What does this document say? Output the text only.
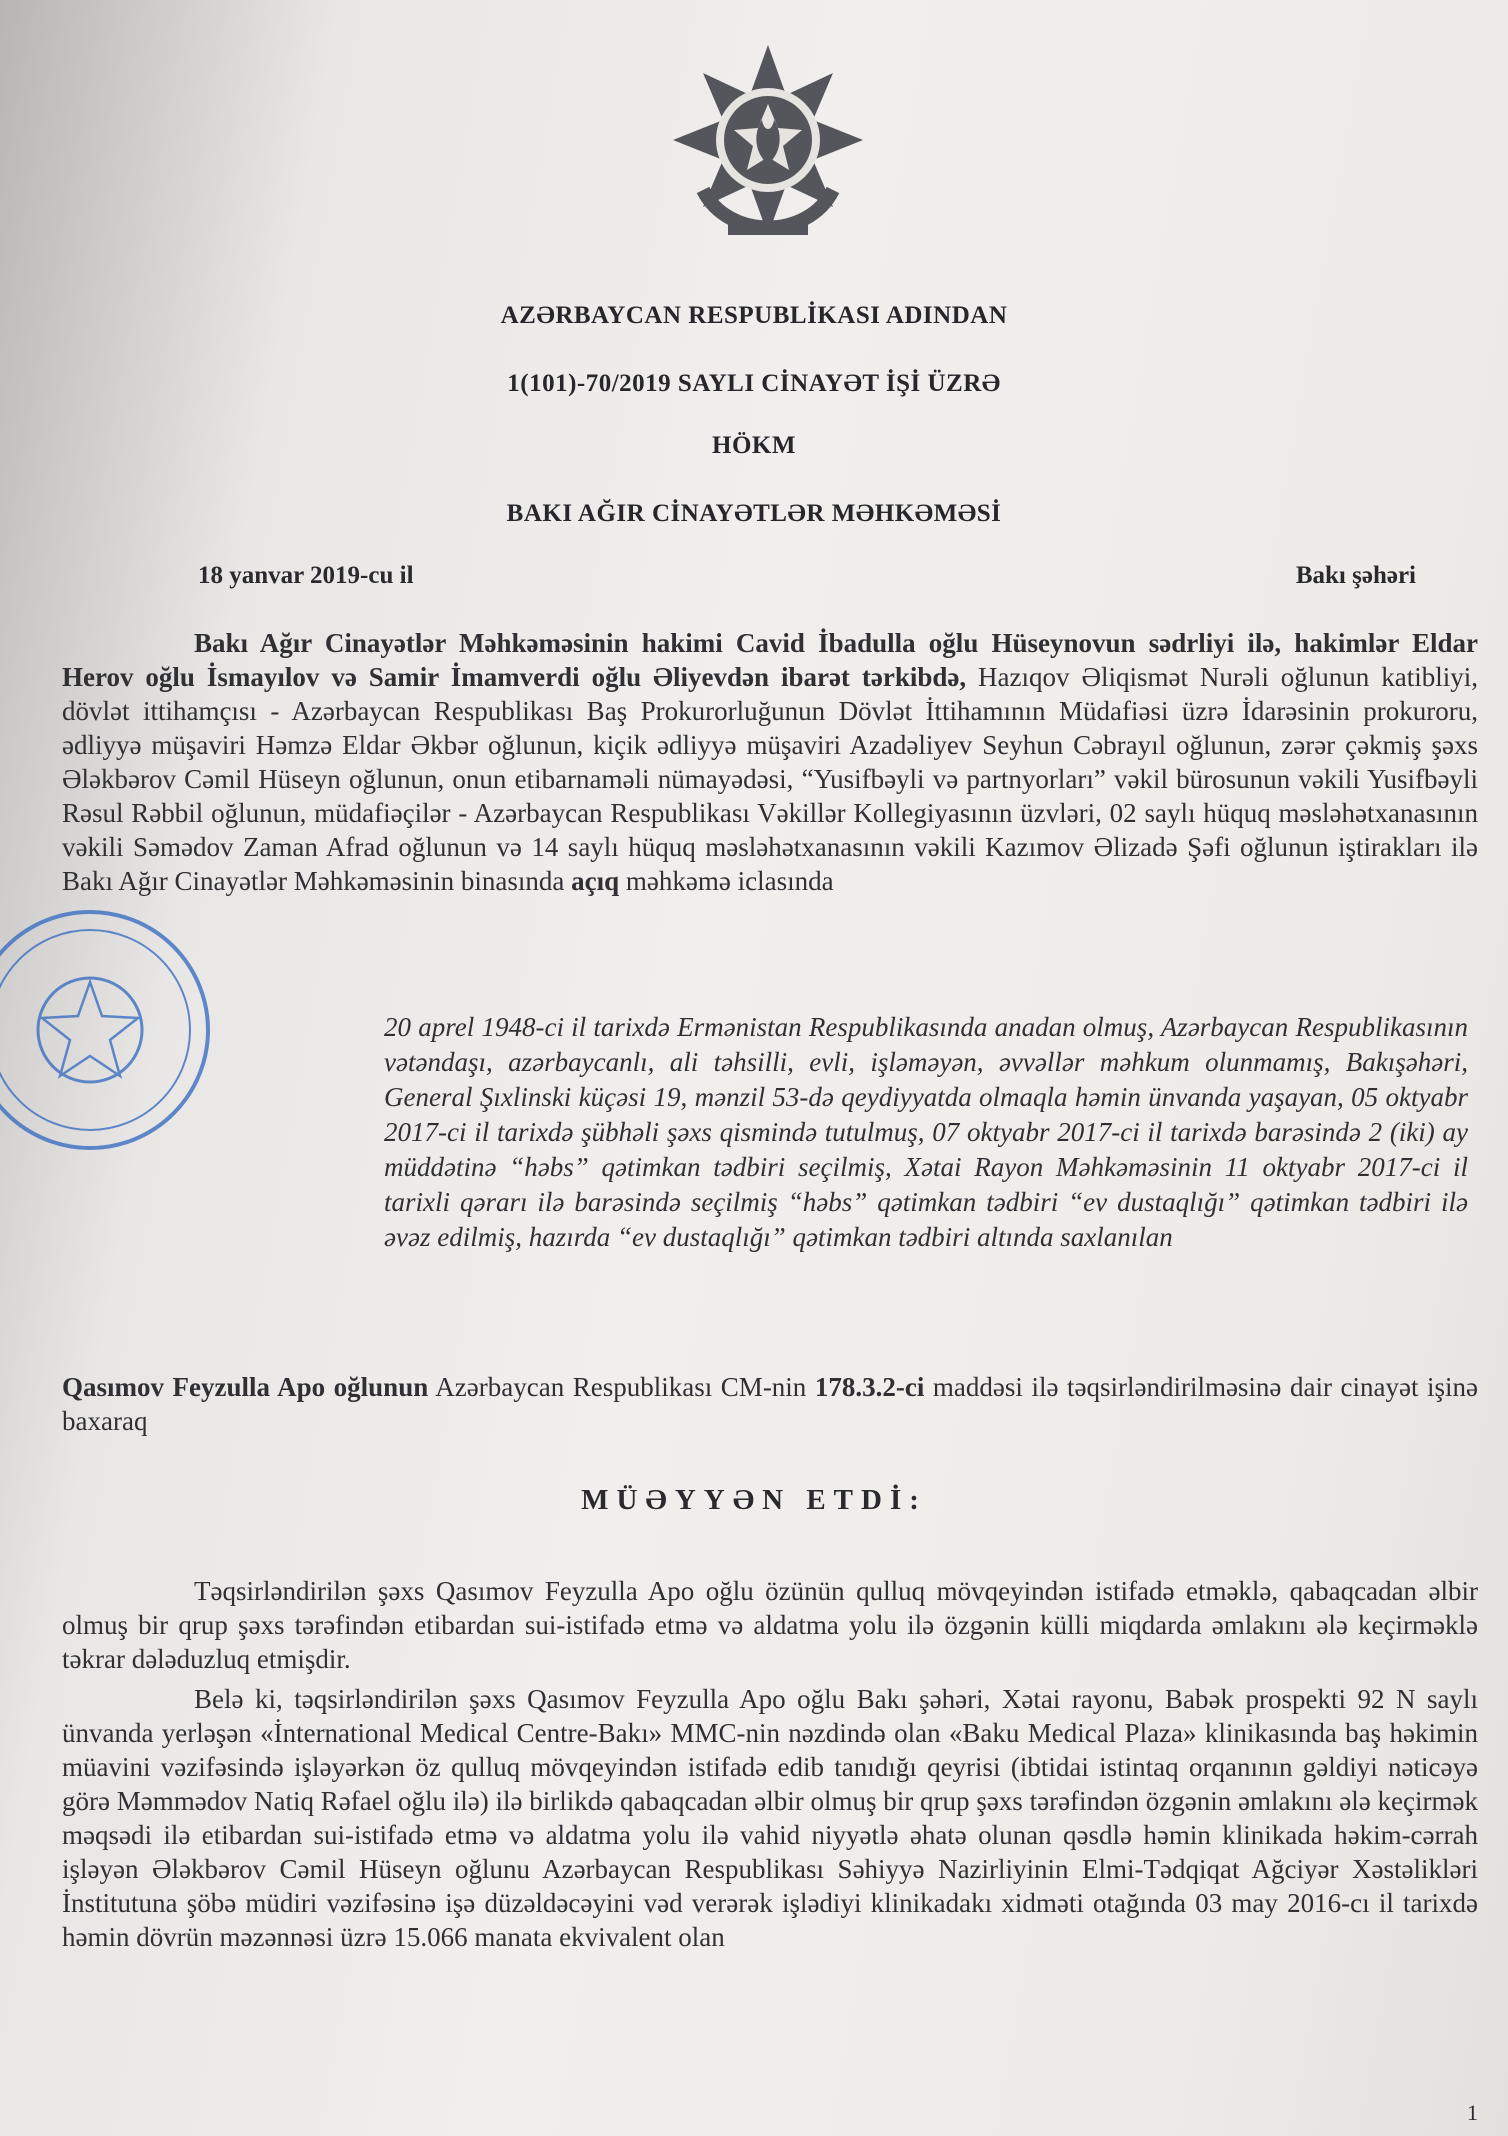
AZƏRBAYCAN RESPUBLİKASI ADINDAN
1(101)-70/2019 SAYLI CİNAYƏT İŞİ ÜZRƏ
HÖKM
BAKI AĞIR CİNAYƏTLƏR MƏHKƏMƏSİ
18 yanvar 2019-cu il	Bakı şəhəri
Bakı Ağır Cinayətlər Məhkəməsinin hakimi Cavid İbadulla oğlu Hüseynovun sədrliyi ilə, hakimlər Eldar Herov oğlu İsmayılov və Samir İmamverdi oğlu Əliyevdən ibarət tərkibdə, Hazıqov Əliqismət Nurəli oğlunun katibliyi, dövlət ittihamçısı - Azərbaycan Respublikası Baş Prokurorluğunun Dövlət İttihamının Müdafiəsi üzrə İdarəsinin prokuroru, ədliyyə müşaviri Həmzə Eldar Əkbər oğlunun, kiçik ədliyyə müşaviri Azadəliyev Seyhun Cəbrayıl oğlunun, zərər çəkmiş şəxs Ələkbərov Cəmil Hüseyn oğlunun, onun etibarnaməli nümayədəsi, “Yusifbəyli və partnyorları” vəkil bürosunun vəkili Yusifbəyli Rəsul Rəbbil oğlunun, müdafiəçilər - Azərbaycan Respublikası Vəkillər Kollegiyasının üzvləri, 02 saylı hüquq məsləhətxanasının vəkili Səmədov Zaman Afrad oğlunun və 14 saylı hüquq məsləhətxanasının vəkili Kazımov Əlizadə Şəfi oğlunun iştirakları ilə Bakı Ağır Cinayətlər Məhkəməsinin binasında açıq məhkəmə iclasında
20 aprel 1948-ci il tarixdə Ermənistan Respublikasında anadan olmuş, Azərbaycan Respublikasının vətəndaşı, azərbaycanlı, ali təhsilli, evli, işləməyən, əvvəllər məhkum olunmamış, Bakışəhəri, General Şıxlinski küçəsi 19, mənzil 53-də qeydiyyatda olmaqla həmin ünvanda yaşayan, 05 oktyabr 2017-ci il tarixdə şübhəli şəxs qismində tutulmuş, 07 oktyabr 2017-ci il tarixdə barəsində 2 (iki) ay müddətinə “həbs” qətimkan tədbiri seçilmiş, Xətai Rayon Məhkəməsinin 11 oktyabr 2017-ci il tarixli qərarı ilə barəsində seçilmiş “həbs” qətimkan tədbiri “ev dustaqlığı” qətimkan tədbiri ilə əvəz edilmiş, hazırda “ev dustaqlığı” qətimkan tədbiri altında saxlanılan
Qasımov Feyzulla Apo oğlunun Azərbaycan Respublikası CM-nin 178.3.2-ci maddəsi ilə təqsirləndirilməsinə dair cinayət işinə baxaraq
MÜƏYYƏN ETDİ:
Təqsirləndirilən şəxs Qasımov Feyzulla Apo oğlu özünün qulluq mövqeyindən istifadə etməklə, qabaqcadan əlbir olmuş bir qrup şəxs tərəfindən etibardan sui-istifadə etmə və aldatma yolu ilə özgənin külli miqdarda əmlakını ələ keçirməklə təkrar dələduzluq etmişdir.
Belə ki, təqsirləndirilən şəxs Qasımov Feyzulla Apo oğlu Bakı şəhəri, Xətai rayonu, Babək prospekti 92 N saylı ünvanda yerləşən «İnternational Medical Centre-Bakı» MMC-nin nəzdində olan «Baku Medical Plaza» klinikasında baş həkimin müavini vəzifəsində işləyərkən öz qulluq mövqeyindən istifadə edib tanıdığı qeyrisi (ibtidai istintaq orqanının gəldiyi nəticəyə görə Məmmədov Natiq Rəfael oğlu ilə) ilə birlikdə qabaqcadan əlbir olmuş bir qrup şəxs tərəfindən özgənin əmlakını ələ keçirmək məqsədi ilə etibardan sui-istifadə etmə və aldatma yolu ilə vahid niyyətlə əhatə olunan qəsdlə həmin klinikada həkim-cərrah işləyən Ələkbərov Cəmil Hüseyn oğlunu Azərbaycan Respublikası Səhiyyə Nazirliyinin Elmi-Tədqiqat Ağciyər Xəstəlikləri İnstitutuna şöbə müdiri vəzifəsinə işə düzəldəcəyini vəd verərək işlədiyi klinikadakı xidməti otağında 03 may 2016-cı il tarixdə həmin dövrün məzənnəsi üzrə 15.066 manata ekvivalent olan
1
